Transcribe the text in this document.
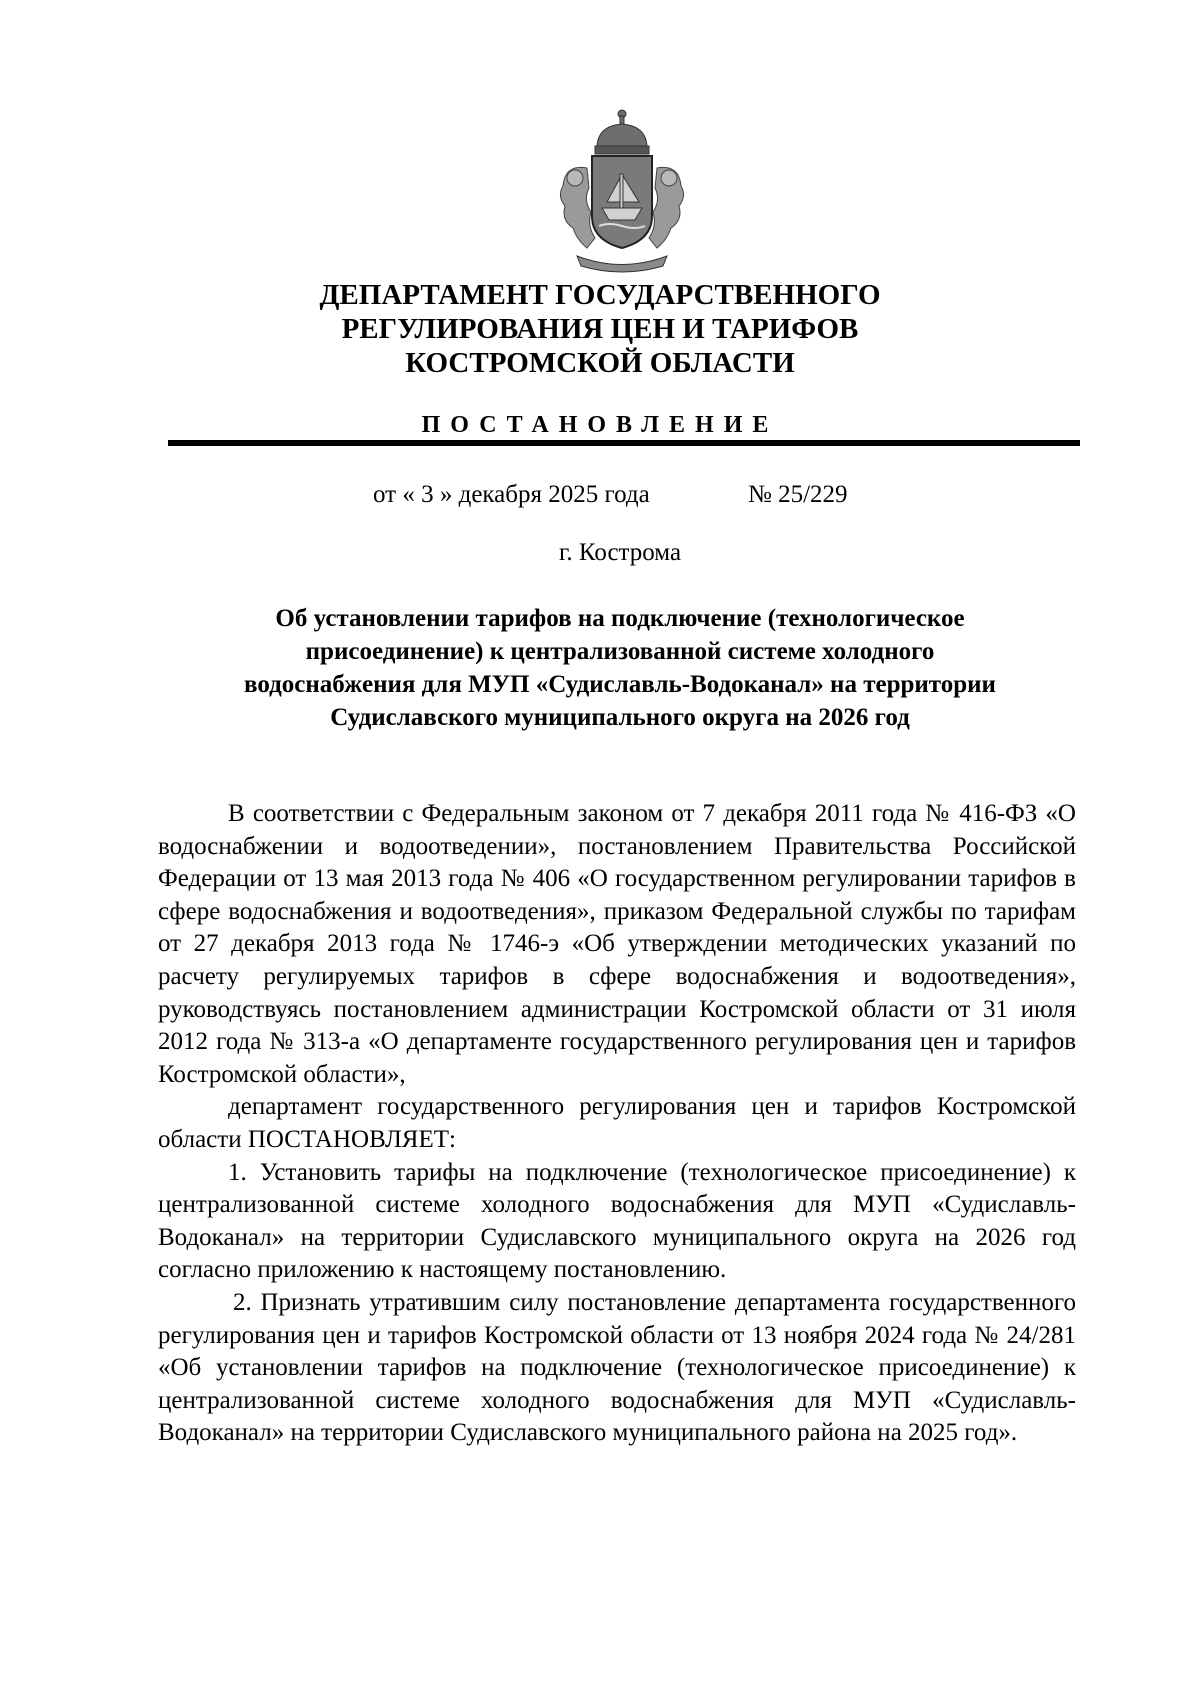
ДЕПАРТАМЕНТ ГОСУДАРСТВЕННОГО
РЕГУЛИРОВАНИЯ ЦЕН И ТАРИФОВ
КОСТРОМСКОЙ ОБЛАСТИ
ПОСТАНОВЛЕНИЕ
от « 3 » декабря 2025 года	№ 25/229
г. Кострома
Об установлении тарифов на подключение (технологическое
присоединение) к централизованной системе холодного
водоснабжения для МУП «Судиславль-Водоканал» на территории
Судиславского муниципального округа на 2026 год

В соответствии с Федеральным законом от 7 декабря 2011 года № 416-ФЗ «О водоснабжении и водоотведении», постановлением Правительства Российской Федерации от 13 мая 2013 года № 406 «О государственном регулировании тарифов в сфере водоснабжения и водоотведения», приказом Федеральной службы по тарифам от 27 декабря 2013 года № 1746-э «Об утверждении методических указаний по расчету регулируемых тарифов в сфере водоснабжения и водоотведения», руководствуясь постановлением администрации Костромской области от 31 июля 2012 года № 313-а «О департаменте государственного регулирования цен и тарифов Костромской области»,

департамент государственного регулирования цен и тарифов Костромской области ПОСТАНОВЛЯЕТ:

1. Установить тарифы на подключение (технологическое присоединение) к централизованной системе холодного водоснабжения для МУП «Судиславль-Водоканал» на территории Судиславского муниципального округа на 2026 год согласно приложению к настоящему постановлению.

2. Признать утратившим силу постановление департамента государственного регулирования цен и тарифов Костромской области от 13 ноября 2024 года № 24/281 «Об установлении тарифов на подключение (технологическое присоединение) к централизованной системе холодного водоснабжения для МУП «Судиславль-Водоканал» на территории Судиславского муниципального района на 2025 год».
